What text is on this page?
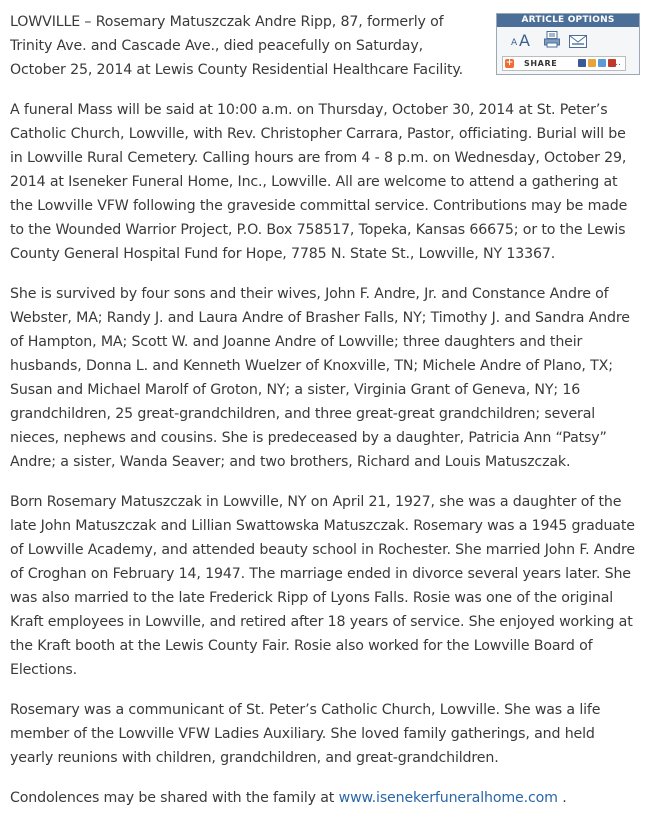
ARTICLE OPTIONS
A A
+ SHARE	...

LOWVILLE – Rosemary Matuszczak Andre Ripp, 87, formerly of Trinity Ave. and Cascade Ave., died peacefully on Saturday, October 25, 2014 at Lewis County Residential Healthcare Facility.

A funeral Mass will be said at 10:00 a.m. on Thursday, October 30, 2014 at St. Peter’s Catholic Church, Lowville, with Rev. Christopher Carrara, Pastor, officiating. Burial will be in Lowville Rural Cemetery. Calling hours are from 4 - 8 p.m. on Wednesday, October 29, 2014 at Iseneker Funeral Home, Inc., Lowville. All are welcome to attend a gathering at the Lowville VFW following the graveside committal service. Contributions may be made to the Wounded Warrior Project, P.O. Box 758517, Topeka, Kansas 66675; or to the Lewis County General Hospital Fund for Hope, 7785 N. State St., Lowville, NY 13367.

She is survived by four sons and their wives, John F. Andre, Jr. and Constance Andre of Webster, MA; Randy J. and Laura Andre of Brasher Falls, NY; Timothy J. and Sandra Andre of Hampton, MA; Scott W. and Joanne Andre of Lowville; three daughters and their husbands, Donna L. and Kenneth Wuelzer of Knoxville, TN; Michele Andre of Plano, TX; Susan and Michael Marolf of Groton, NY; a sister, Virginia Grant of Geneva, NY; 16 grandchildren, 25 great-grandchildren, and three great-great grandchildren; several nieces, nephews and cousins. She is predeceased by a daughter, Patricia Ann “Patsy” Andre; a sister, Wanda Seaver; and two brothers, Richard and Louis Matuszczak.

Born Rosemary Matuszczak in Lowville, NY on April 21, 1927, she was a daughter of the late John Matuszczak and Lillian Swattowska Matuszczak. Rosemary was a 1945 graduate of Lowville Academy, and attended beauty school in Rochester. She married John F. Andre of Croghan on February 14, 1947. The marriage ended in divorce several years later. She was also married to the late Frederick Ripp of Lyons Falls. Rosie was one of the original Kraft employees in Lowville, and retired after 18 years of service. She enjoyed working at the Kraft booth at the Lewis County Fair. Rosie also worked for the Lowville Board of Elections.

Rosemary was a communicant of St. Peter’s Catholic Church, Lowville. She was a life member of the Lowville VFW Ladies Auxiliary. She loved family gatherings, and held yearly reunions with children, grandchildren, and great-grandchildren.

Condolences may be shared with the family at www.isenekerfuneralhome.com .
